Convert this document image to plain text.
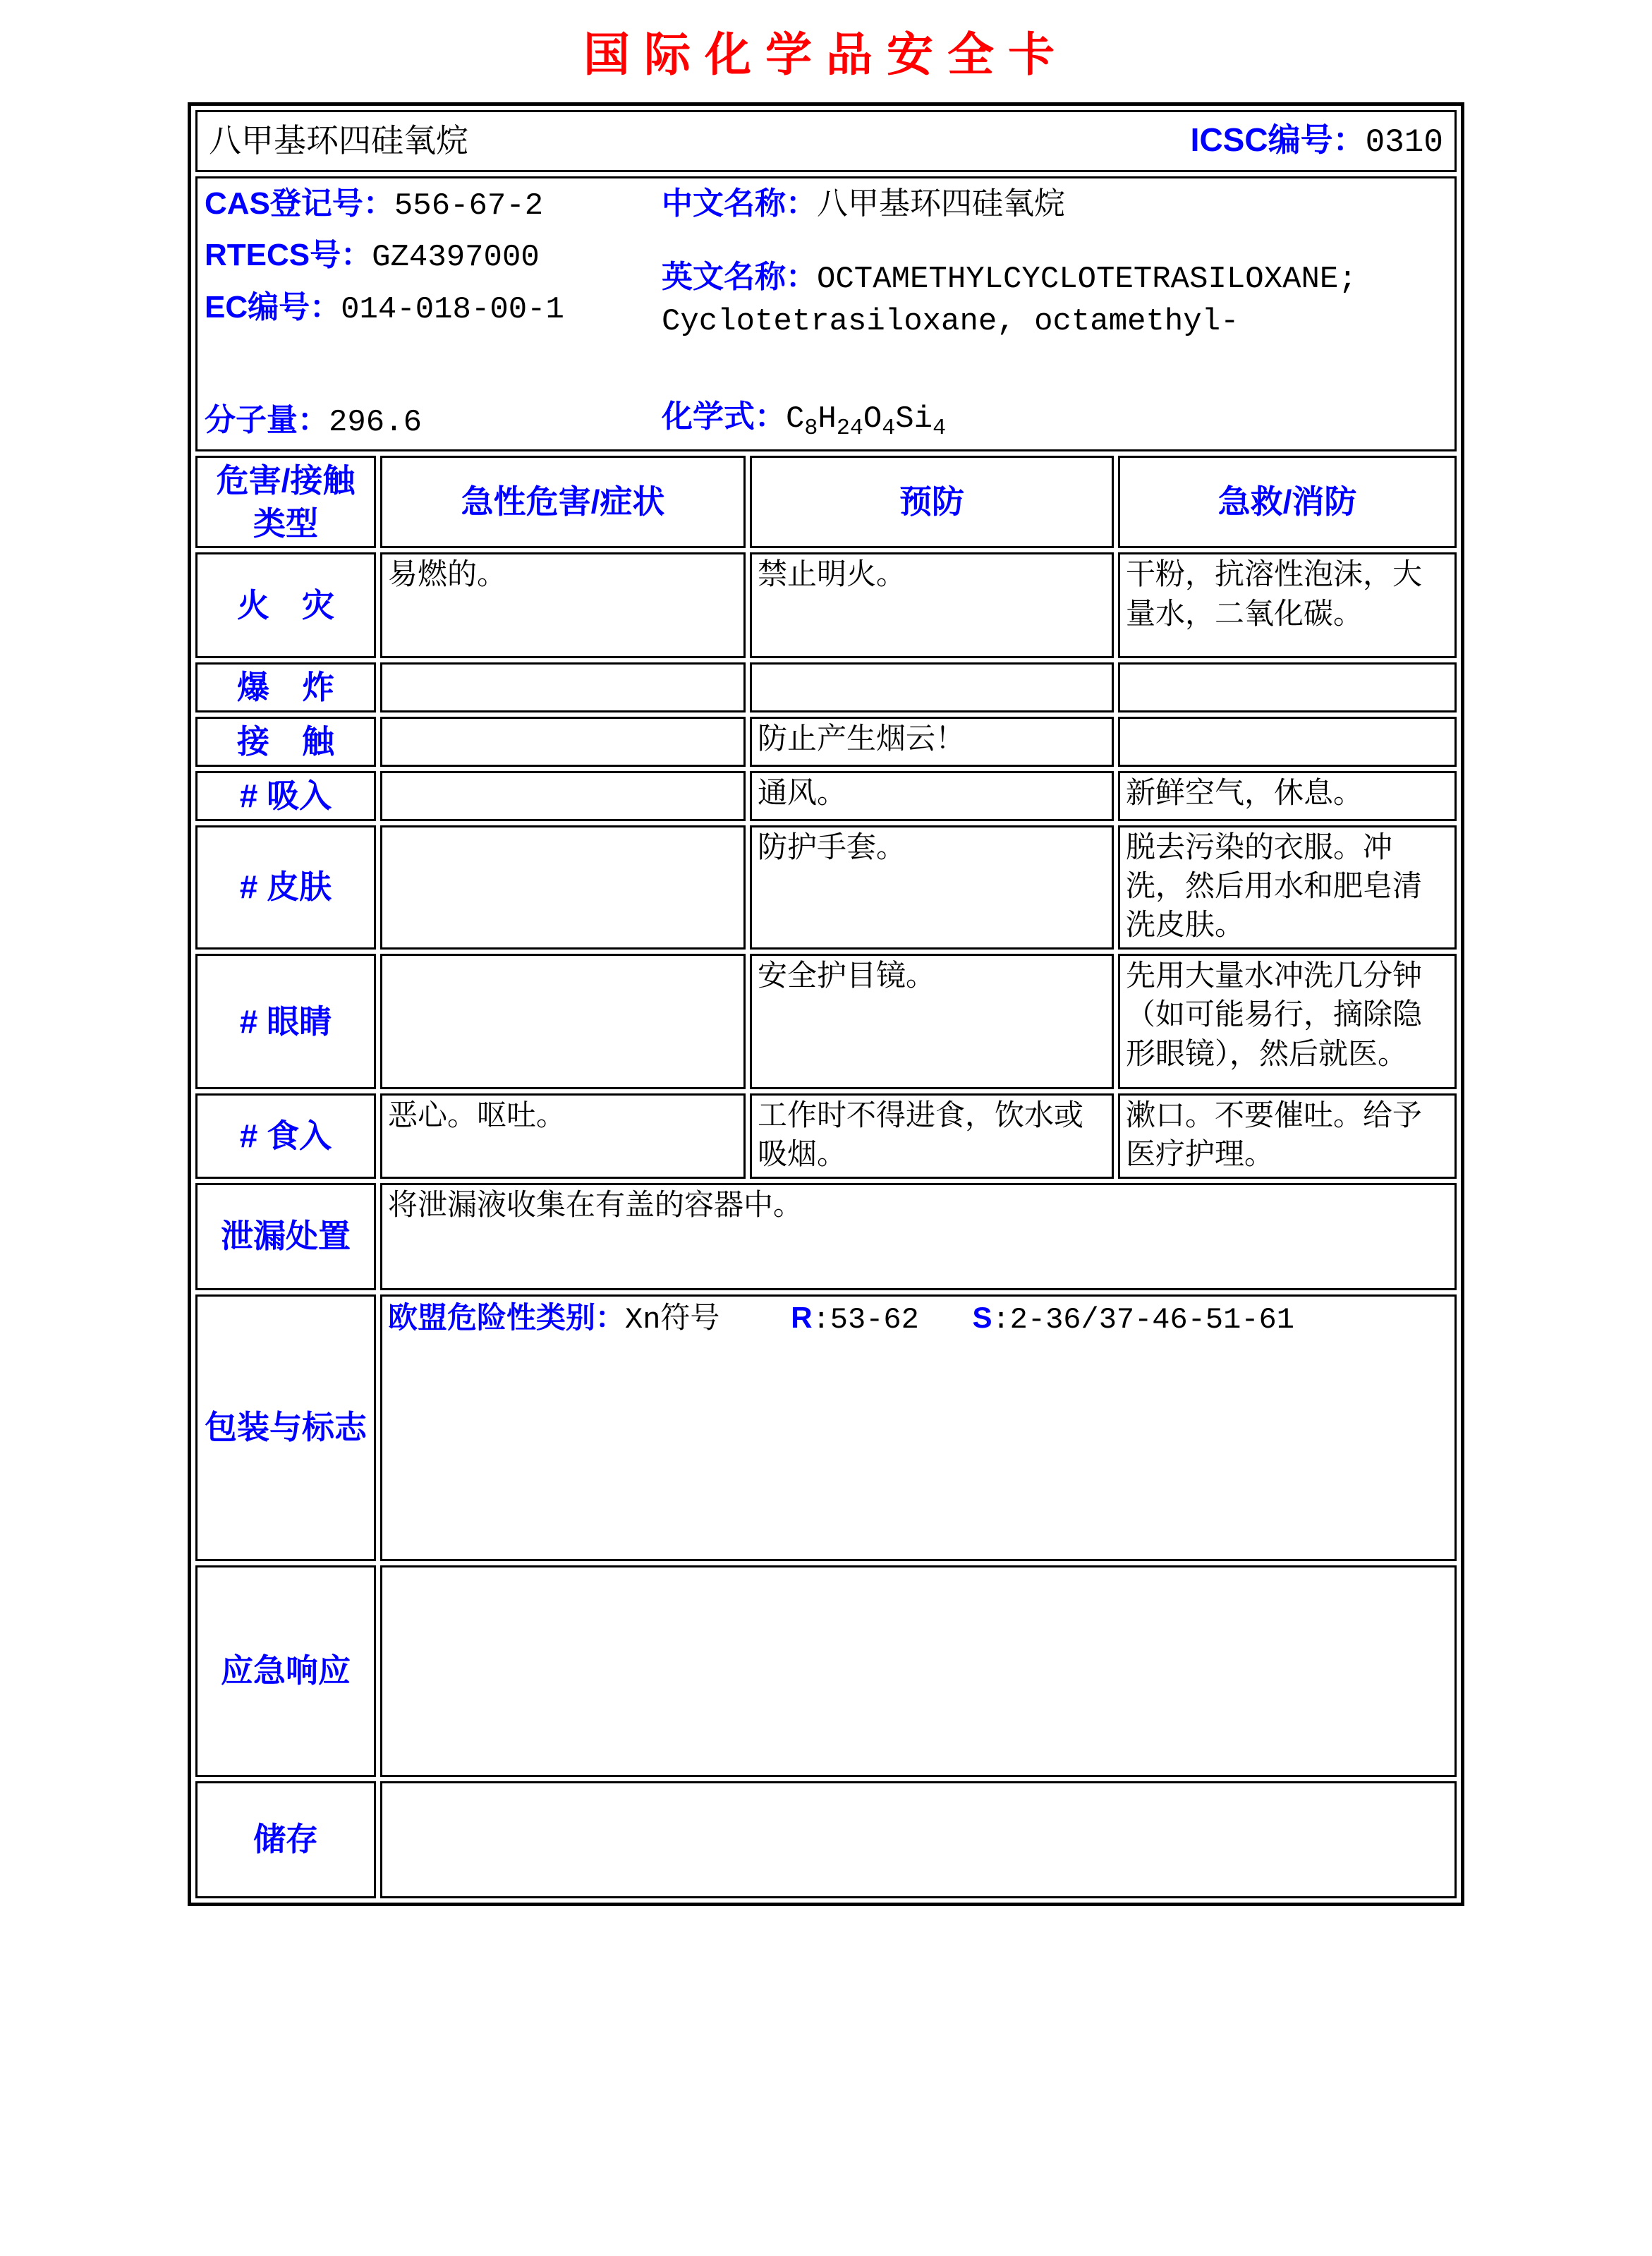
国际化学品安全卡
八甲基环四硅氧烷 ICSC编号：0310			

CAS登记号：556-67-2
RTECS号：GZ4397000
EC编号：014-018-00-1
分子量：296.6
中文名称：八甲基环四硅氧烷
英文名称：OCTAMETHYLCYCLOTETRASILOXANE; Cyclotetrasiloxane, octamethyl-
化学式：$C_8H_{24}O_4Si_4$

危害/接触类型	急性危害/症状	预防	急救/消防
火　灾	易燃的。	禁止明火。	干粉，抗溶性泡沫，大量水，二氧化碳。
爆　炸			
接　触		防止产生烟云！	
# 吸入		通风。	新鲜空气，休息。
# 皮肤		防护手套。	脱去污染的衣服。冲洗，然后用水和肥皂清洗皮肤。
# 眼睛		安全护目镜。	先用大量水冲洗几分钟（如可能易行，摘除隐形眼镜），然后就医。
# 食入	恶心。呕吐。	工作时不得进食，饮水或吸烟。	漱口。不要催吐。给予医疗护理。
泄漏处置	将泄漏液收集在有盖的容器中。		
包装与标志	欧盟危险性类别：Xn符号 R:53-62 S:2-36/37-46-51-61		

应急响应			
储存			
